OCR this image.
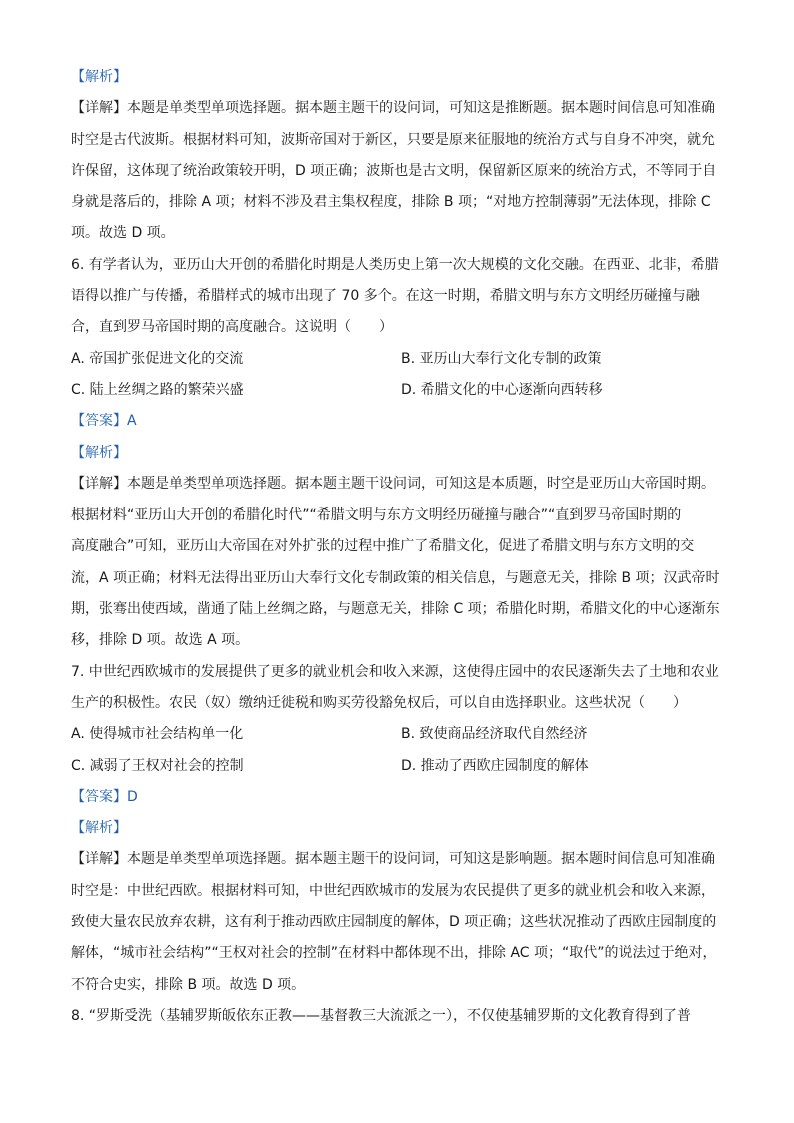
【解析】
【详解】本题是单类型单项选择题。据本题主题干的设问词，可知这是推断题。据本题时间信息可知准确
时空是古代波斯。根据材料可知，波斯帝国对于新区，只要是原来征服地的统治方式与自身不冲突，就允
许保留，这体现了统治政策较开明，D 项正确；波斯也是古文明，保留新区原来的统治方式，不等同于自
身就是落后的，排除 A 项；材料不涉及君主集权程度，排除 B 项；“对地方控制薄弱”无法体现，排除 C
项。故选 D 项。
6. 有学者认为，亚历山大开创的希腊化时期是人类历史上第一次大规模的文化交融。在西亚、北非，希腊
语得以推广与传播，希腊样式的城市出现了 70 多个。在这一时期，希腊文明与东方文明经历碰撞与融
合，直到罗马帝国时期的高度融合。这说明（　　）
A. 帝国扩张促进文化的交流	B. 亚历山大奉行文化专制的政策
C. 陆上丝绸之路的繁荣兴盛	D. 希腊文化的中心逐渐向西转移
【答案】A
【解析】
【详解】本题是单类型单项选择题。据本题主题干设问词，可知这是本质题，时空是亚历山大帝国时期。
根据材料“亚历山大开创的希腊化时代”“希腊文明与东方文明经历碰撞与融合”“直到罗马帝国时期的
高度融合”可知，亚历山大帝国在对外扩张的过程中推广了希腊文化，促进了希腊文明与东方文明的交
流，A 项正确；材料无法得出亚历山大奉行文化专制政策的相关信息，与题意无关，排除 B 项；汉武帝时
期，张骞出使西域，凿通了陆上丝绸之路，与题意无关，排除 C 项；希腊化时期，希腊文化的中心逐渐东
移，排除 D 项。故选 A 项。
7. 中世纪西欧城市的发展提供了更多的就业机会和收入来源，这使得庄园中的农民逐渐失去了土地和农业
生产的积极性。农民（奴）缴纳迁徙税和购买劳役豁免权后，可以自由选择职业。这些状况（　　）
A. 使得城市社会结构单一化	B. 致使商品经济取代自然经济
C. 减弱了王权对社会的控制	D. 推动了西欧庄园制度的解体
【答案】D
【解析】
【详解】本题是单类型单项选择题。据本题主题干的设问词，可知这是影响题。据本题时间信息可知准确
时空是：中世纪西欧。根据材料可知，中世纪西欧城市的发展为农民提供了更多的就业机会和收入来源，
致使大量农民放弃农耕，这有利于推动西欧庄园制度的解体，D 项正确；这些状况推动了西欧庄园制度的
解体，“城市社会结构”“王权对社会的控制”在材料中都体现不出，排除 AC 项；“取代”的说法过于绝对，
不符合史实，排除 B 项。故选 D 项。
8. “罗斯受洗（基辅罗斯皈依东正教——基督教三大流派之一），不仅使基辅罗斯的文化教育得到了普
